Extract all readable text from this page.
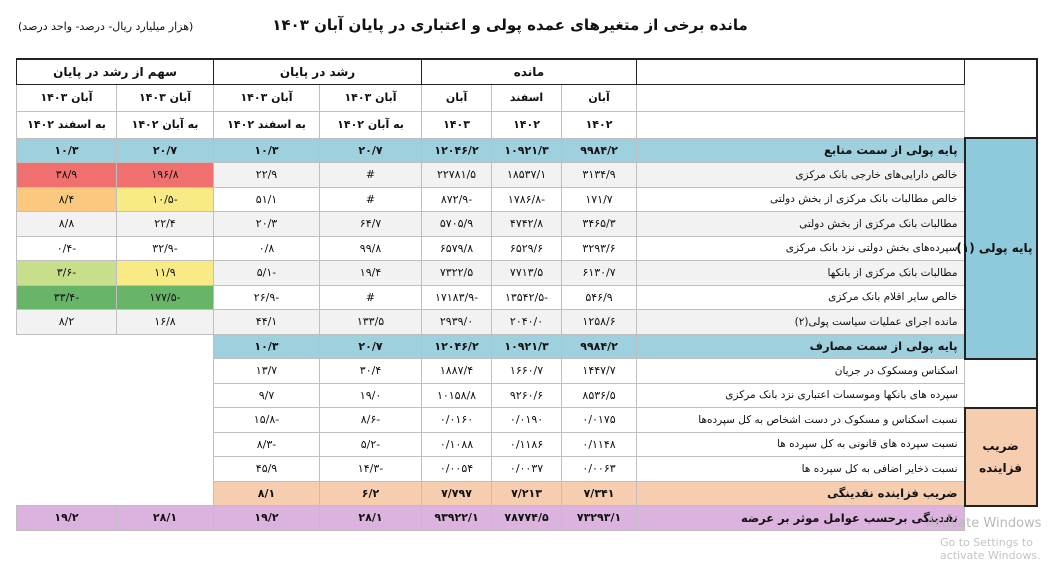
مانده برخی از متغیرهای عمده پولی و اعتباری در پایان آبان ۱۴۰۳
(هزار میلیارد ریال- درصد- واحد درصد)
		مانده			رشد در پایان		سهم از رشد در پایان	
		آبان	اسفند	آبان	آبان ۱۴۰۳	آبان ۱۴۰۳	آبان ۱۴۰۳	آبان ۱۴۰۳
		۱۴۰۲	۱۴۰۲	۱۴۰۳	به آبان ۱۴۰۲	به اسفند ۱۴۰۲	به آبان ۱۴۰۲	به اسفند ۱۴۰۲
پایه پولی (۱)	پایه پولی از سمت منابع	۹۹۸۴/۲	۱۰۹۲۱/۳	۱۲۰۴۶/۲	۲۰/۷	۱۰/۳	۲۰/۷	۱۰/۳
	خالص دارایی‌های خارجی بانک مرکزی	۳۱۳۴/۹	۱۸۵۳۷/۱	۲۲۷۸۱/۵	#	۲۲/۹	۱۹۶/۸	۳۸/۹
	خالص مطالبات بانک مرکزی از بخش دولتی	۱۷۱/۷	-۱۷۸۶/۸	-۸۷۲/۹	#	۵۱/۱	-۱۰/۵	۸/۴
	مطالبات بانک مرکزی از بخش دولتی	۳۴۶۵/۳	۴۷۴۲/۸	۵۷۰۵/۹	۶۴/۷	۲۰/۳	۲۲/۴	۸/۸
	سپرده‌های بخش دولتی نزد بانک مرکزی	۳۲۹۳/۶	۶۵۲۹/۶	۶۵۷۹/۸	۹۹/۸	۰/۸	-۳۲/۹	-۰/۴
	مطالبات بانک مرکزی از بانکها	۶۱۳۰/۷	۷۷۱۳/۵	۷۳۲۲/۵	۱۹/۴	-۵/۱	۱۱/۹	-۳/۶
	خالص سایر اقلام بانک مرکزی	۵۴۶/۹	-۱۳۵۴۲/۵	-۱۷۱۸۳/۹	#	-۲۶/۹	-۱۷۷/۵	-۳۳/۴
	مانده اجرای عملیات سیاست پولی(۲)	۱۲۵۸/۶	۲۰۴۰/۰	۲۹۳۹/۰	۱۳۳/۵	۴۴/۱	۱۶/۸	۸/۲
	پایه پولی از سمت مصارف	۹۹۸۴/۲	۱۰۹۲۱/۳	۱۲۰۴۶/۲	۲۰/۷	۱۰/۳		
	اسکناس ومسکوک در جریان	۱۴۴۷/۷	۱۶۶۰/۷	۱۸۸۷/۴	۳۰/۴	۱۳/۷		
	سپرده های بانکها وموسسات اعتباری نزد بانک مرکزی	۸۵۳۶/۵	۹۲۶۰/۶	۱۰۱۵۸/۸	۱۹/۰	۹/۷		
ضریب فزاینده	نسبت اسکناس و مسکوک در دست اشخاص به کل سپرده‌ها	۰/۰۱۷۵	۰/۰۱۹۰	۰/۰۱۶۰	-۸/۶	-۱۵/۸		
	نسبت سپرده های قانونی به کل سپرده ها	۰/۱۱۴۸	۰/۱۱۸۶	۰/۱۰۸۸	-۵/۲	-۸/۳		
	نسبت ذخایر اضافی به کل سپرده ها	۰/۰۰۶۳	۰/۰۰۳۷	۰/۰۰۵۴	-۱۴/۳	۴۵/۹		
	ضریب فزاینده نقدینگی	۷/۳۴۱	۷/۲۱۳	۷/۷۹۷	۶/۲	۸/۱		
	نقدینگی برحسب عوامل موثر بر عرضه	۷۳۲۹۳/۱	۷۸۷۷۴/۵	۹۳۹۲۲/۱	۲۸/۱	۱۹/۲	۲۸/۱	۱۹/۲	Activate Windows
Go to Settings to activate Windows.
